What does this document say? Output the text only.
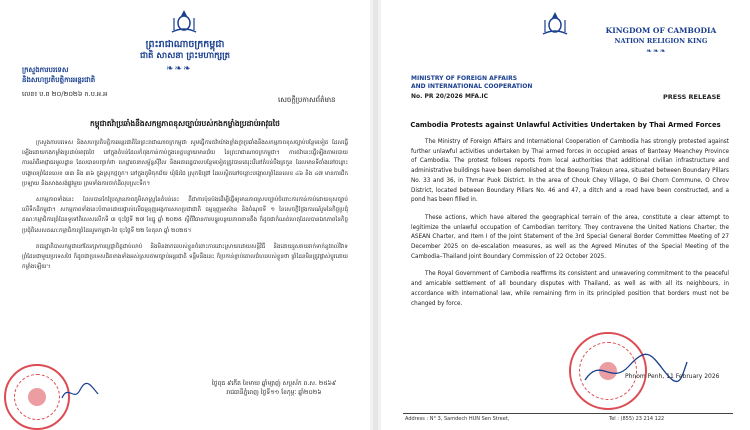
ព្រះរាជាណាចក្រកម្ពុជា
ជាតិ សាសនា ព្រះមហាក្សត្រ
❧❧❧
ក្រសួងការបរទេស
និងសហប្រតិបត្តិការអន្តរជាតិ
លេខ៖ ប.ព ២០/២០២៦ ក.ប.អ.អ
សេចក្តីប្រកាសព័ត៌មាន
កម្ពុជាតវ៉ាប្រឆាំងនឹងសកម្មភាពខុសច្បាប់របស់កងកម្លាំងប្រដាប់អាវុធថៃ

ក្រសួងការបរទេស និងសហប្រតិបត្តិការអន្តរជាតិនៃព្រះរាជាណាចក្រកម្ពុជា សូមធ្វើការតវ៉ាយ៉ាងខ្លាំងក្លាប្រឆាំងនឹងសកម្មភាពខុសច្បាប់បន្ថែមទៀត ដែលធ្វើឡើងដោយកងកម្លាំងប្រដាប់អាវុធថៃ នៅក្នុងតំបន់ដែលកំពុងកាន់កាប់ក្នុងខេត្តបន្ទាយមានជ័យ នៃព្រះរាជាណាចក្រកម្ពុជា។ ការតវ៉ានេះធ្វើឡើងតាមរបាយការណ៍ពីអាជ្ញាធរមូលដ្ឋាន ដែលបានបញ្ជាក់ថា ហេដ្ឋារចនាសម្ព័ន្ធស៊ីវិល និងអគាររដ្ឋបាលបន្ថែមទៀតត្រូវបានគេរុះរើនៅតំបន់បឹងត្រកួន ដែលមានទីតាំងនៅចន្លោះបង្គោលព្រំដែនលេខ ៣៣ និង ៣៦ ក្នុងស្រុកថ្មពួក។ នៅក្នុងភូមិចុកជ័យ ឃុំឱរជៃ ស្រុកឱជ្រៅ ដែលស្ថិតនៅចន្លោះបង្គោលព្រំដែនលេខ ៤៦ និង ៤៧ មានការជីកប្រឡាយ និងសាងសង់ផ្លូវមួយ ព្រមទាំងការចាក់ដីលុបស្រះទឹក។

សកម្មភាពទាំងនេះ ដែលបានកែប្រែស្ថានភាពភូមិសាស្ត្រនៃតំបន់នេះ គឺជាការប៉ុនប៉ងដើម្បីធ្វើឲ្យមានភាពស្របច្បាប់ចំពោះការកាន់កាប់ដោយខុសច្បាប់លើទឹកដីកម្ពុជា។ សកម្មភាពទាំងនេះបំពានដោយផ្ទាល់លើធម្មនុញ្ញអង្គការសហប្រជាជាតិ ធម្មនុញ្ញអាស៊ាន និងចំណុចទី ១ នៃសេចក្តីថ្លែងការណ៍រួមនៃកិច្ចប្រជុំគណៈកម្មាធិការព្រំដែនទូទៅពិសេសលើកទី ៣ ចុះថ្ងៃទី ២៧ ខែធ្នូ ឆ្នាំ ២០២៥ ស្តីពីវិធានការបន្ធូរបន្ថយភាពតានតឹង ក៏ដូចជាកំណត់ហេតុដែលបានឯកភាពនៃកិច្ចប្រជុំពិសេសគណៈកម្មាធិការព្រំដែនរួមកម្ពុជា-ថៃ ចុះថ្ងៃទី ២២ ខែតុលា ឆ្នាំ ២០២៥។

រាជរដ្ឋាភិបាលកម្ពុជានៅតែរក្សាការប្តេជ្ញាចិត្តជាប់លាប់ និងមិនងាករេរបស់ខ្លួនចំពោះការដោះស្រាយដោយសន្តិវិធី និងដោយរួសរាយរាក់ទាក់នូវរាល់វិវាទព្រំដែនជាមួយប្រទេសថៃ ក៏ដូចជាប្រទេសជិតខាងទាំងអស់ស្របតាមច្បាប់អន្តរជាតិ ទន្ទឹមនឹងនេះ ក៏ប្រកាន់ខ្ជាប់គោលជំហររបស់ខ្លួនថា ព្រំដែនមិនត្រូវផ្លាស់ប្តូរដោយកម្លាំងឡើយ។

ថ្ងៃពុធ ៩កើត ខែមាឃ ឆ្នាំម្សាញ់ សប្តស័ក ព.ស. ២៥៦៩
រាជធានីភ្នំពេញ ថ្ងៃទី១១ ខែកុម្ភៈ ឆ្នាំ២០២៦
KINGDOM OF CAMBODIA
NATION RELIGION KING
❧❧❧
MINISTRY OF FOREIGN AFFAIRS
AND INTERNATIONAL COOPERATION
No. PR 20/2026 MFA.IC	PRESS RELEASE
Cambodia Protests against Unlawful Activities Undertaken by Thai Armed Forces

The Ministry of Foreign Affairs and International Cooperation of Cambodia has strongly protested against further unlawful activities undertaken by Thai armed forces in occupied areas of Banteay Meanchey Province of Cambodia. The protest follows reports from local authorities that additional civilian infrastructure and administrative buildings have been demolished at the Boeung Trakoun area, situated between Boundary Pillars No. 33 and 36, in Thmar Puok District. In the area of Chouk Chey Village, O Bei Chorn Commune, O Chrov District, located between Boundary Pillars No. 46 and 47, a ditch and a road have been constructed, and a pond has been filled in.

These actions, which have altered the geographical terrain of the area, constitute a clear attempt to legitimize the unlawful occupation of Cambodian territory. They contravene the United Nations Charter, the ASEAN Charter, and Item I of the Joint Statement of the 3rd Special General Border Committee Meeting of 27 December 2025 on de-escalation measures, as well as the Agreed Minutes of the Special Meeting of the Cambodia–Thailand Joint Boundary Commission of 22 October 2025.

The Royal Government of Cambodia reaffirms its consistent and unwavering commitment to the peaceful and amicable settlement of all boundary disputes with Thailand, as well as with all its neighbours, in accordance with international law, while remaining firm in its principled position that borders must not be changed by force.

Phnom Penh, 11 February 2026
Address : N° 3, Samdech HUN Sen Street,	Tel : (855) 23 214 122
